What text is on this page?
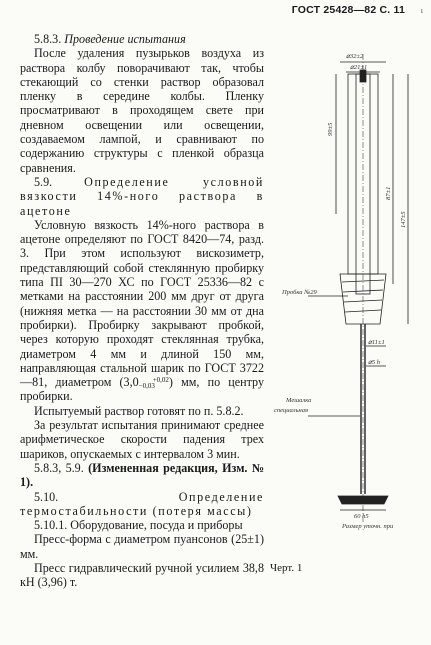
ГОСТ 25428—82 С. 11 ı

5.8.3. Проведение испытания

После удаления пузырьков воздуха из раствора колбу поворачивают так, чтобы стекающий со стенки раствор образовал пленку в середине колбы. Пленку просматривают в проходящем свете при дневном освещении или освещении, создаваемом лампой, и сравнивают по содержанию структуры с пленкой образца сравнения.

5.9.	Определение условной вязкости 14%-ного раствора в ацетоне

Условную вязкость 14%-ного раствора в ацетоне определяют по ГОСТ 8420—74, разд. 3. При этом используют вискозиметр, представляющий собой стеклянную пробирку типа ПІ 30—270 ХС по ГОСТ 25336—82 с метками на расстоянии 200 мм друг от друга (нижняя метка — на расстоянии 30 мм от дна пробирки). Пробирку закрывают пробкой, через которую проходят стеклянная трубка, диаметром 4 мм и длиной 150 мм, направляющая стальной шарик по ГОСТ 3722—81, диаметром (3,0 +0,02
−0,03 ) мм, по центру пробирки.

Испытуемый раствор готовят по п. 5.8.2.

За результат испытания принимают среднее арифметическое скорости падения трех шариков, опускаемых с интервалом 3 мин.

5.8.3, 5.9. (Измененная редакция, Изм. № 1).

5.10.	Определение термостабильности (потеря массы)

5.10.1. Оборудование, посуда и приборы

Пресс-форма с диаметром пуансонов (25±1) мм.

Пресс гидравлический ручной усилием 38,8 кН (3,96) т.

⌀32±2
⌀21±1
99±5
87±1
147±5
Пробка №29
⌀11±1
⌀5 h
Мешалка специальная
60 h5
Размер уточн. при
Черт. 1
